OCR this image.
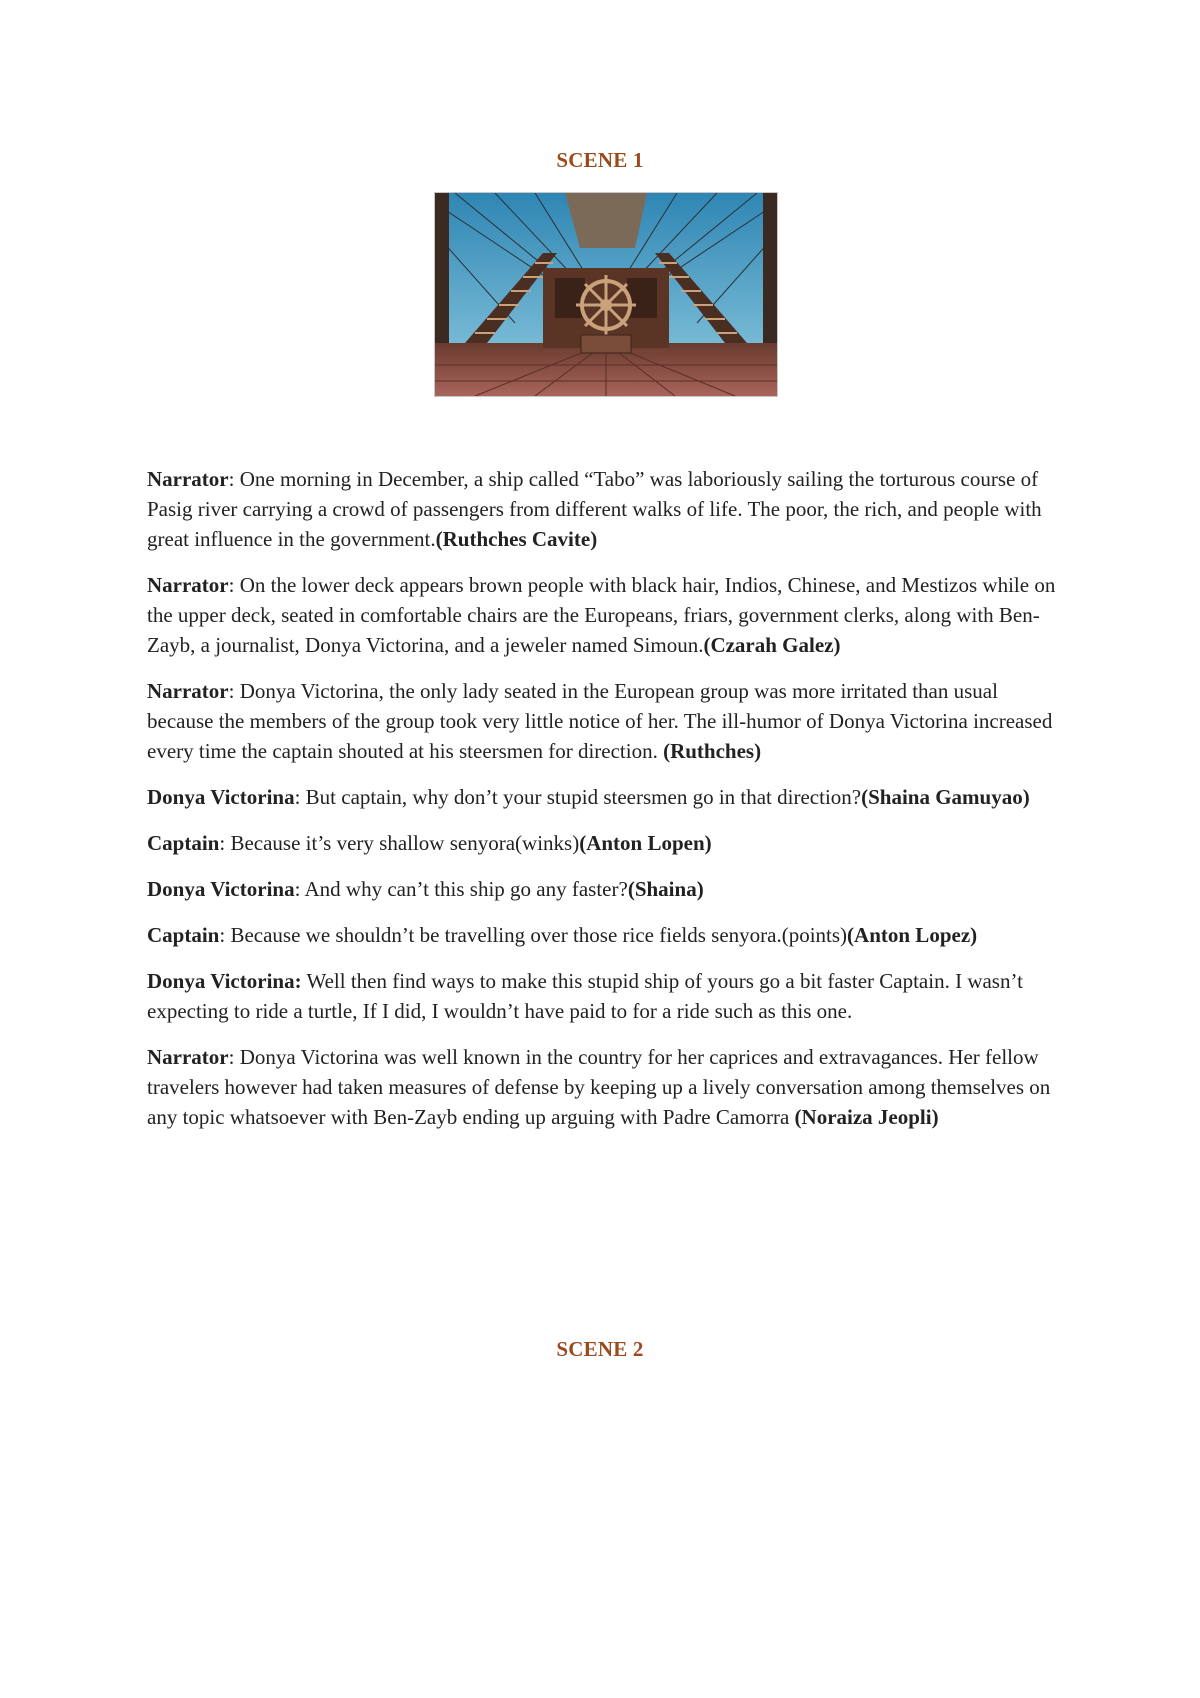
SCENE 1

Narrator: One morning in December, a ship called “Tabo” was laboriously sailing the torturous course of Pasig river carrying a crowd of passengers from different walks of life. The poor, the rich, and people with great influence in the government.(Ruthches Cavite)

Narrator: On the lower deck appears brown people with black hair, Indios, Chinese, and Mestizos while on the upper deck, seated in comfortable chairs are the Europeans, friars, government clerks, along with Ben-Zayb, a journalist, Donya Victorina, and a jeweler named Simoun.(Czarah Galez)

Narrator: Donya Victorina, the only lady seated in the European group was more irritated than usual because the members of the group took very little notice of her. The ill-humor of Donya Victorina increased every time the captain shouted at his steersmen for direction. (Ruthches)

Donya Victorina: But captain, why don’t your stupid steersmen go in that direction?(Shaina Gamuyao)

Captain: Because it’s very shallow senyora(winks)(Anton Lopen)

Donya Victorina: And why can’t this ship go any faster?(Shaina)

Captain: Because we shouldn’t be travelling over those rice fields senyora.(points)(Anton Lopez)

Donya Victorina: Well then find ways to make this stupid ship of yours go a bit faster Captain. I wasn’t expecting to ride a turtle, If I did, I wouldn’t have paid to for a ride such as this one.

Narrator: Donya Victorina was well known in the country for her caprices and extravagances. Her fellow travelers however had taken measures of defense by keeping up a lively conversation among themselves on any topic whatsoever with Ben-Zayb ending up arguing with Padre Camorra (Noraiza Jeopli)

SCENE 2
